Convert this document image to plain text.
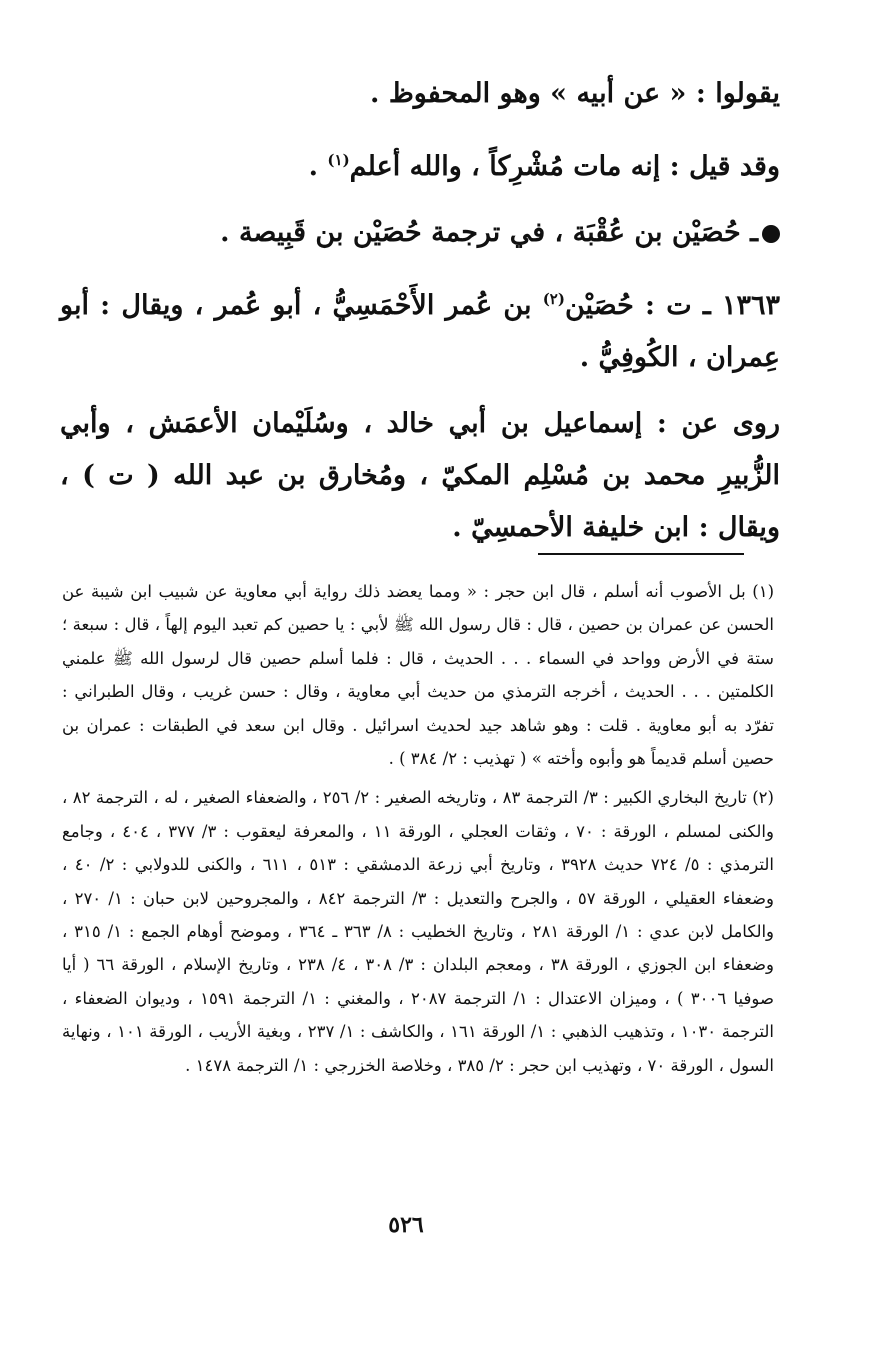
يقولوا : « عن أبيه » وهو المحفوظ .

وقد قيل : إنه مات مُشْرِكاً ، والله أعلم$^{(١)}$ .

ـ حُصَيْن بن عُقْبَة ، في ترجمة حُصَيْن بن قَبِيصة .

١٣٦٣ ـ ت : حُصَيْن$^{(٢)}$ بن عُمر الأَحْمَسِيُّ ، أبو عُمر ، ويقال : أبو عِمران ، الكُوفِيُّ .

روى عن : إسماعيل بن أبي خالد ، وسُلَيْمان الأعمَش ، وأبي الزُّبيرِ محمد بن مُسْلِم المكيّ ، ومُخارق بن عبد الله ( ت ) ، ويقال : ابن خليفة الأحمسِيّ .

(١) بل الأصوب أنه أسلم ، قال ابن حجر : « ومما يعضد ذلك رواية أبي معاوية عن شبيب ابن شيبة عن الحسن عن عمران بن حصين ، قال : قال رسول الله ﷺ لأبي : يا حصين كم تعبد اليوم إلهاً ، قال : سبعة ؛ ستة في الأرض وواحد في السماء . . . الحديث ، قال : فلما أسلم حصين قال لرسول الله ﷺ علمني الكلمتين . . . الحديث ، أخرجه الترمذي من حديث أبي معاوية ، وقال : حسن غريب ، وقال الطبراني : تفرّد به أبو معاوية . قلت : وهو شاهد جيد لحديث اسرائيل . وقال ابن سعد في الطبقات : عمران بن حصين أسلم قديماً هو وأبوه وأخته » ( تهذيب : ٢/ ٣٨٤ ) .

(٢) تاريخ البخاري الكبير : ٣/ الترجمة ٨٣ ، وتاريخه الصغير : ٢/ ٢٥٦ ، والضعفاء الصغير ، له ، الترجمة ٨٢ ، والكنى لمسلم ، الورقة : ٧٠ ، وثقات العجلي ، الورقة ١١ ، والمعرفة ليعقوب : ٣/ ٣٧٧ ، ٤٠٤ ، وجامع الترمذي : ٥/ ٧٢٤ حديث ٣٩٢٨ ، وتاريخ أبي زرعة الدمشقي : ٥١٣ ، ٦١١ ، والكنى للدولابي : ٢/ ٤٠ ، وضعفاء العقيلي ، الورقة ٥٧ ، والجرح والتعديل : ٣/ الترجمة ٨٤٢ ، والمجروحين لابن حبان : ١/ ٢٧٠ ، والكامل لابن عدي : ١/ الورقة ٢٨١ ، وتاريخ الخطيب : ٨/ ٣٦٣ ـ ٣٦٤ ، وموضح أوهام الجمع : ١/ ٣١٥ ، وضعفاء ابن الجوزي ، الورقة ٣٨ ، ومعجم البلدان : ٣/ ٣٠٨ ، ٤/ ٢٣٨ ، وتاريخ الإسلام ، الورقة ٦٦ ( أيا صوفيا ٣٠٠٦ ) ، وميزان الاعتدال : ١/ الترجمة ٢٠٨٧ ، والمغني : ١/ الترجمة ١٥٩١ ، وديوان الضعفاء ، الترجمة ١٠٣٠ ، وتذهيب الذهبي : ١/ الورقة ١٦١ ، والكاشف : ١/ ٢٣٧ ، وبغية الأريب ، الورقة ١٠١ ، ونهاية السول ، الورقة ٧٠ ، وتهذيب ابن حجر : ٢/ ٣٨٥ ، وخلاصة الخزرجي : ١/ الترجمة ١٤٧٨ .

٥٢٦
